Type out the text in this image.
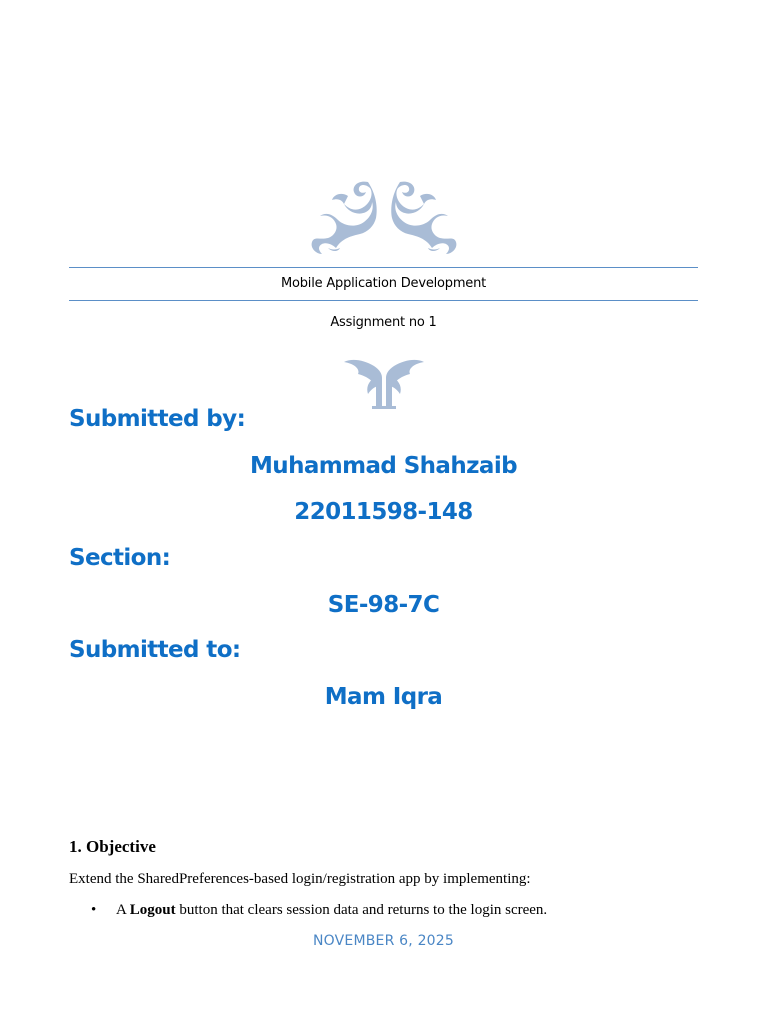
Mobile Application Development
Assignment no 1
Submitted by:
Muhammad Shahzaib
22011598-148
Section:
SE-98-7C
Submitted to:
Mam Iqra
1. Objective
Extend the SharedPreferences-based login/registration app by implementing:
• A Logout button that clears session data and returns to the login screen.
NOVEMBER 6, 2025
